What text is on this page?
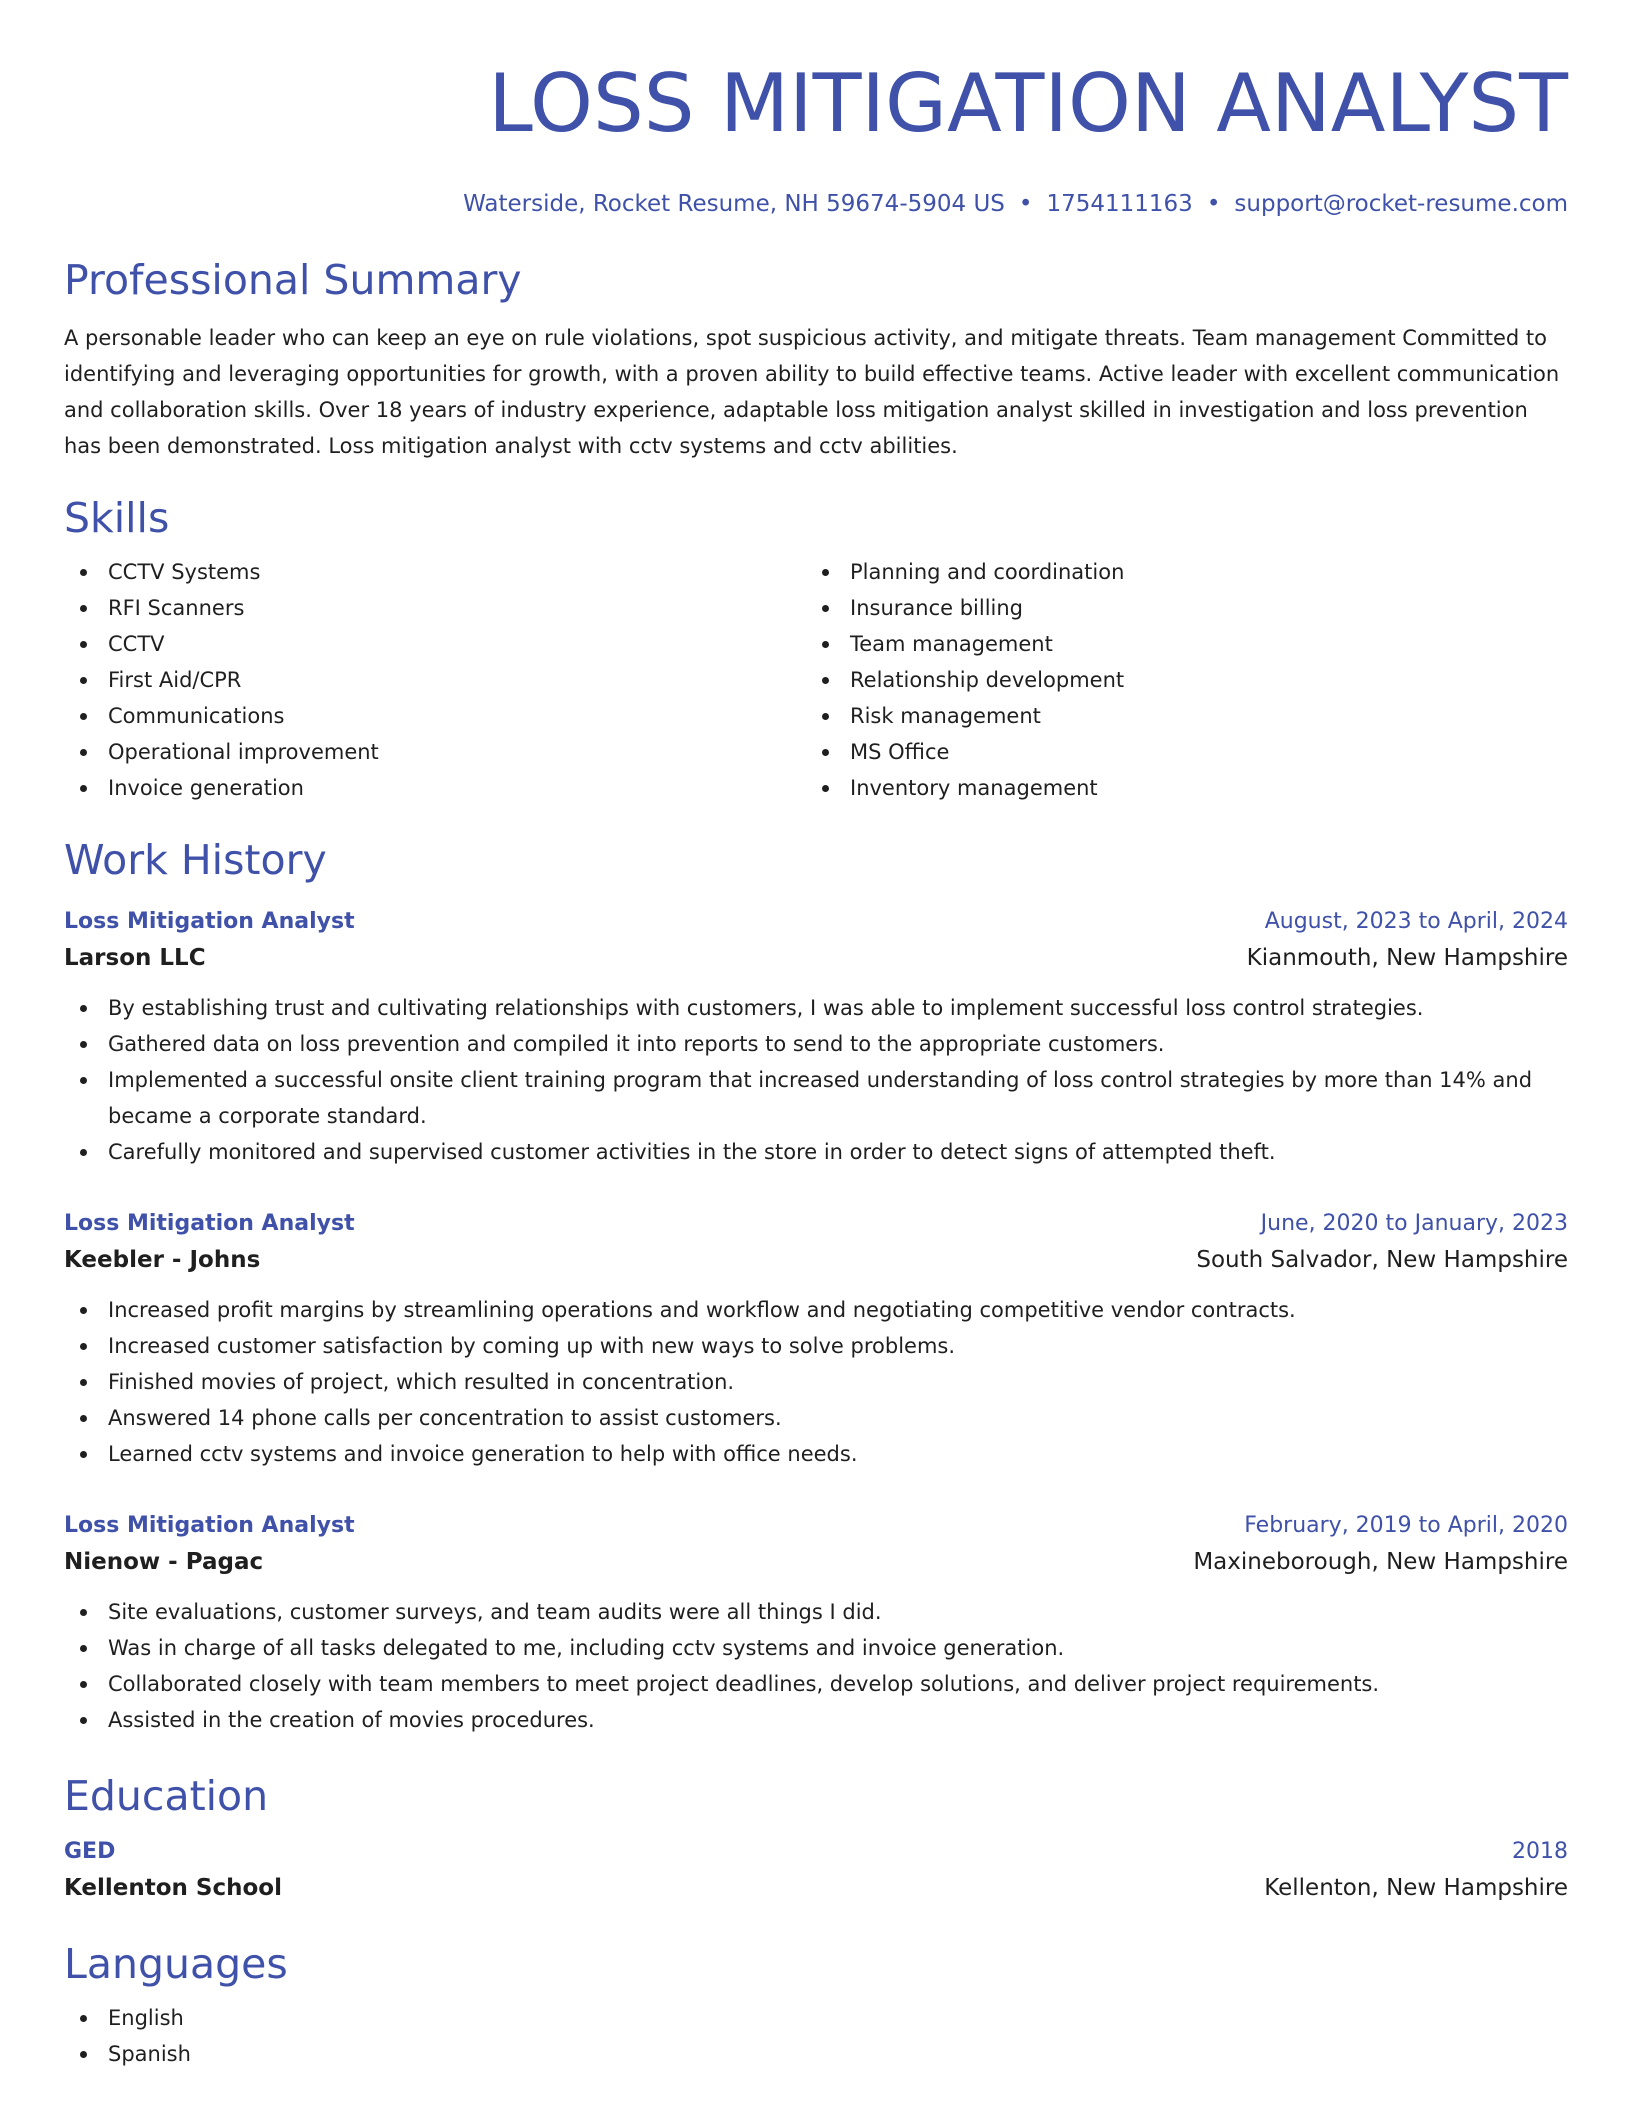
LOSS MITIGATION ANALYST
Waterside, Rocket Resume, NH 59674-5904 US • 1754111163 • support@rocket-resume.com
Professional Summary
A personable leader who can keep an eye on rule violations, spot suspicious activity, and mitigate threats. Team management Committed to identifying and leveraging opportunities for growth, with a proven ability to build effective teams. Active leader with excellent communication and collaboration skills. Over 18 years of industry experience, adaptable loss mitigation analyst skilled in investigation and loss prevention has been demonstrated. Loss mitigation analyst with cctv systems and cctv abilities.
Skills
CCTV Systems
RFI Scanners
CCTV
First Aid/CPR
Communications
Operational improvement
Invoice generation
Planning and coordination
Insurance billing
Team management
Relationship development
Risk management
MS Office
Inventory management
Work History
Loss Mitigation Analyst	August, 2023 to April, 2024
Larson LLC	Kianmouth, New Hampshire
By establishing trust and cultivating relationships with customers, I was able to implement successful loss control strategies.
Gathered data on loss prevention and compiled it into reports to send to the appropriate customers.
Implemented a successful onsite client training program that increased understanding of loss control strategies by more than 14% and became a corporate standard.
Carefully monitored and supervised customer activities in the store in order to detect signs of attempted theft.
Loss Mitigation Analyst	June, 2020 to January, 2023
Keebler - Johns	South Salvador, New Hampshire
Increased profit margins by streamlining operations and workflow and negotiating competitive vendor contracts.
Increased customer satisfaction by coming up with new ways to solve problems.
Finished movies of project, which resulted in concentration.
Answered 14 phone calls per concentration to assist customers.
Learned cctv systems and invoice generation to help with office needs.
Loss Mitigation Analyst	February, 2019 to April, 2020
Nienow - Pagac	Maxineborough, New Hampshire
Site evaluations, customer surveys, and team audits were all things I did.
Was in charge of all tasks delegated to me, including cctv systems and invoice generation.
Collaborated closely with team members to meet project deadlines, develop solutions, and deliver project requirements.
Assisted in the creation of movies procedures.
Education
GED	2018
Kellenton School	Kellenton, New Hampshire
Languages
English
Spanish
